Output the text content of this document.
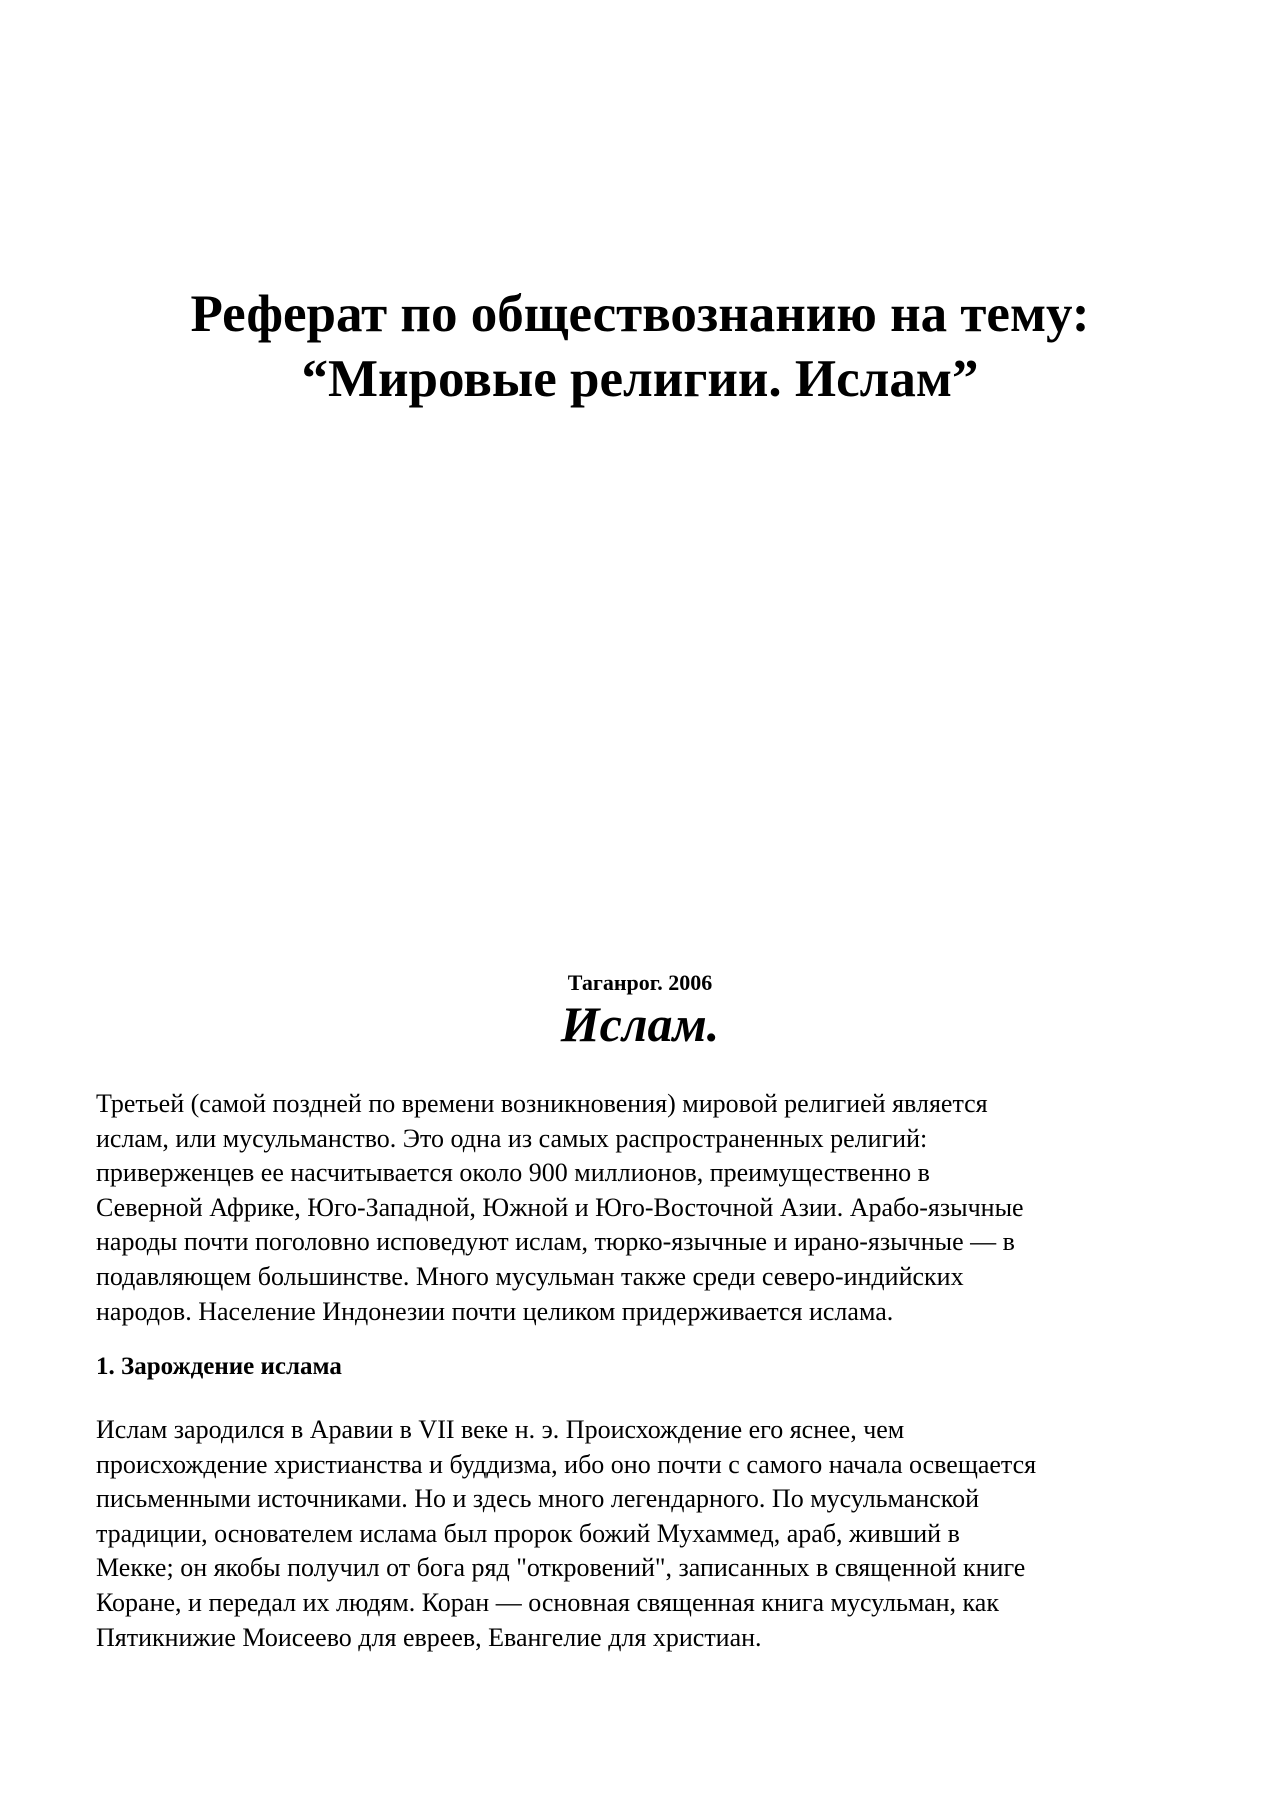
Реферат по обществознанию на тему:
“Мировые религии. Ислам”
Таганрог. 2006
Ислам.
Третьей (самой поздней по времени возникновения) мировой религией является
ислам, или мусульманство. Это одна из самых распространенных религий:
приверженцев ее насчитывается около 900 миллионов, преимущественно в
Северной Африке, Юго-Западной, Южной и Юго-Восточной Азии. Арабо-язычные
народы почти поголовно исповедуют ислам, тюрко-язычные и ирано-язычные — в
подавляющем большинстве. Много мусульман также среди северо-индийских
народов. Население Индонезии почти целиком придерживается ислама.
1. Зарождение ислама
Ислам зародился в Аравии в VII веке н. э. Происхождение его яснее, чем
происхождение христианства и буддизма, ибо оно почти с самого начала освещается
письменными источниками. Но и здесь много легендарного. По мусульманской
традиции, основателем ислама был пророк божий Мухаммед, араб, живший в
Мекке; он якобы получил от бога ряд "откровений", записанных в священной книге
Коране, и передал их людям. Коран — основная священная книга мусульман, как
Пятикнижие Моисеево для евреев, Евангелие для христиан.
